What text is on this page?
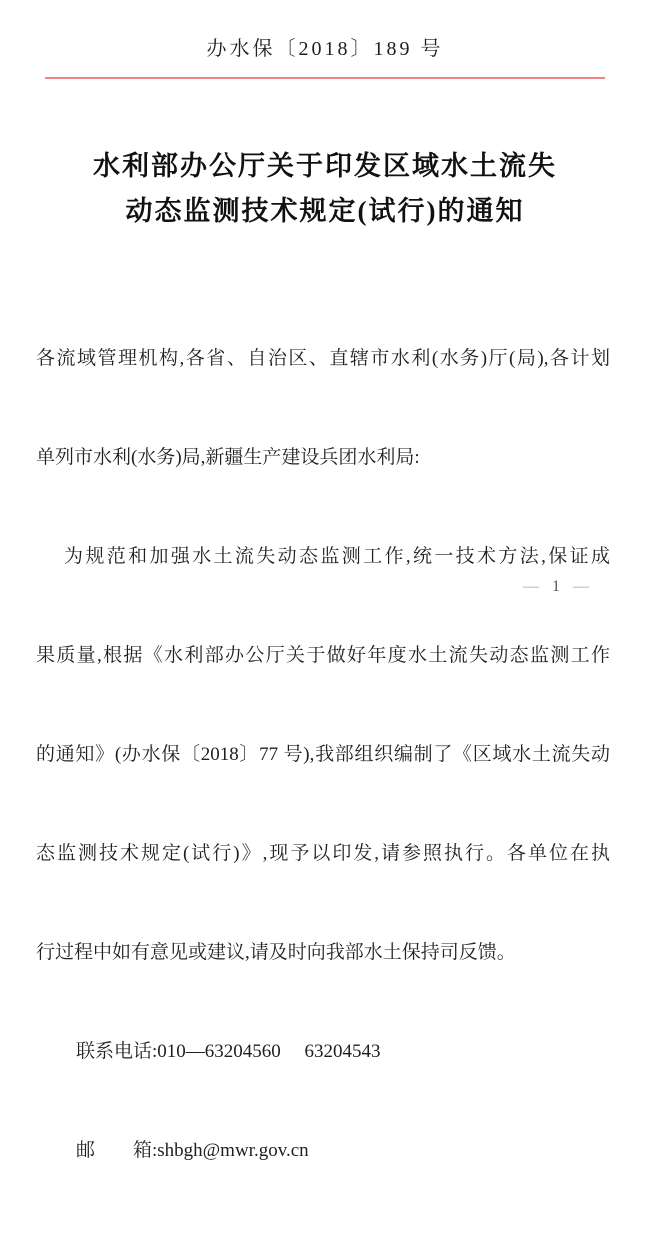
办水保〔2018〕189 号
水利部办公厅关于印发区域水土流失
动态监测技术规定(试行)的通知

各流域管理机构,各省、自治区、直辖市水利(水务)厅(局),各计划

单列市水利(水务)局,新疆生产建设兵团水利局:

为规范和加强水土流失动态监测工作,统一技术方法,保证成

果质量,根据《水利部办公厅关于做好年度水土流失动态监测工作

的通知》(办水保〔2018〕77 号),我部组织编制了《区域水土流失动

态监测技术规定(试行)》,现予以印发,请参照执行。各单位在执

行过程中如有意见或建议,请及时向我部水土保持司反馈。

联系电话:010—63204560　 63204543

邮　　箱:shbgh@mwr.gov.cn

— 1 —
